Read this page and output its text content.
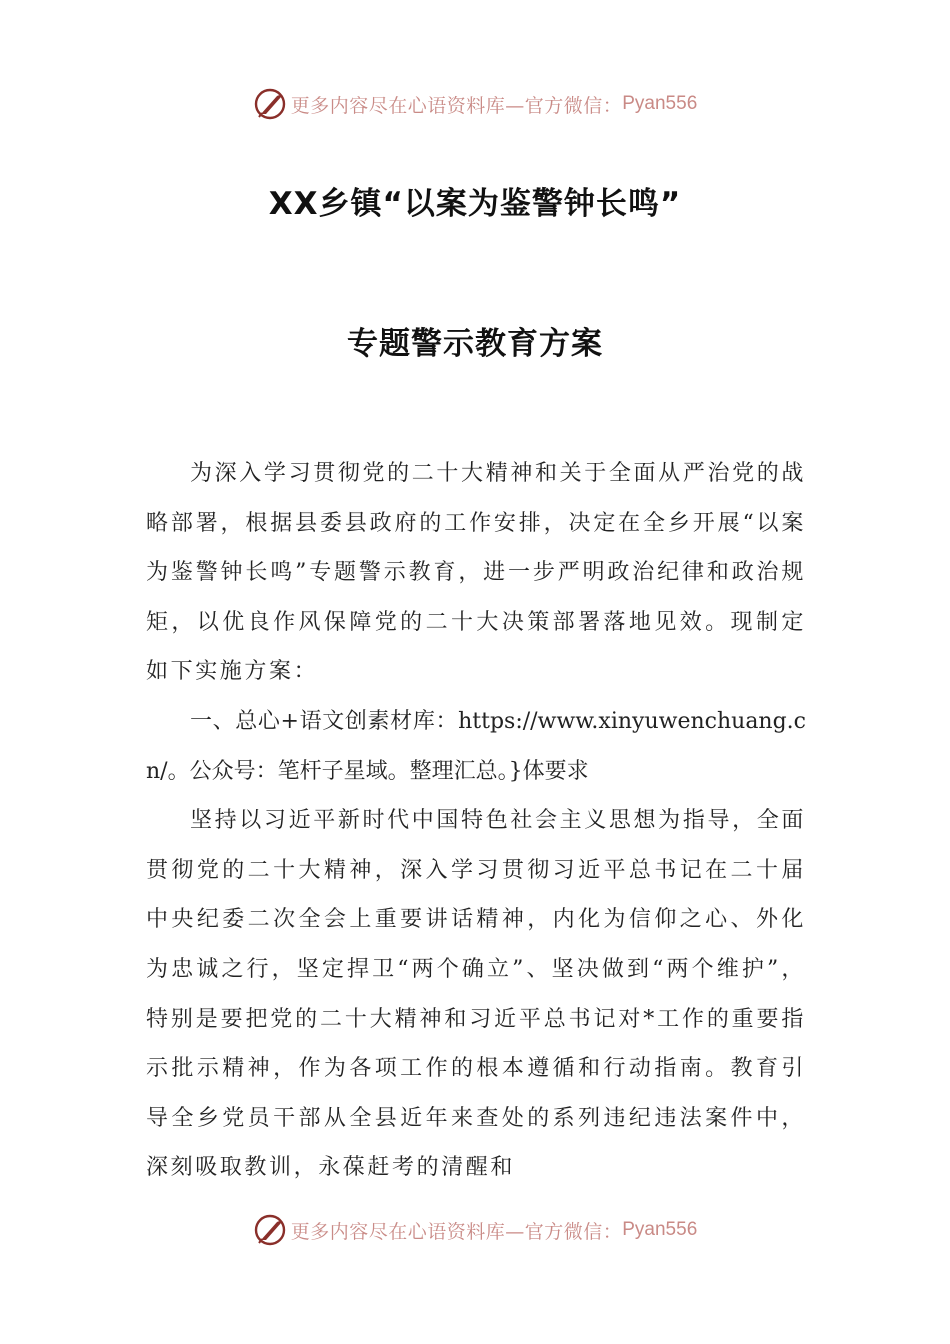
更多内容尽在心语资料库—官方微信： Pyan556
XX乡镇“以案为鉴警钟长鸣”
专题警示教育方案

为深入学习贯彻党的二十大精神和关于全面从严治党的战略部署，根据县委县政府的工作安排，决定在全乡开展“以案为鉴警钟长鸣”专题警示教育，进一步严明政治纪律和政治规矩，以优良作风保障党的二十大决策部署落地见效。现制定如下实施方案：

一、总心+语文创素材库：https://www.xinyuwenchuang.cn/。公众号：笔杆子星域。整理汇总。}体要求

坚持以习近平新时代中国特色社会主义思想为指导，全面贯彻党的二十大精神，深入学习贯彻习近平总书记在二十届中央纪委二次全会上重要讲话精神，内化为信仰之心、外化为忠诚之行，坚定捍卫“两个确立”、坚决做到“两个维护”，特别是要把党的二十大精神和习近平总书记对*工作的重要指示批示精神，作为各项工作的根本遵循和行动指南。教育引导全乡党员干部从全县近年来查处的系列违纪违法案件中，深刻吸取教训，永葆赶考的清醒和

更多内容尽在心语资料库—官方微信： Pyan556
